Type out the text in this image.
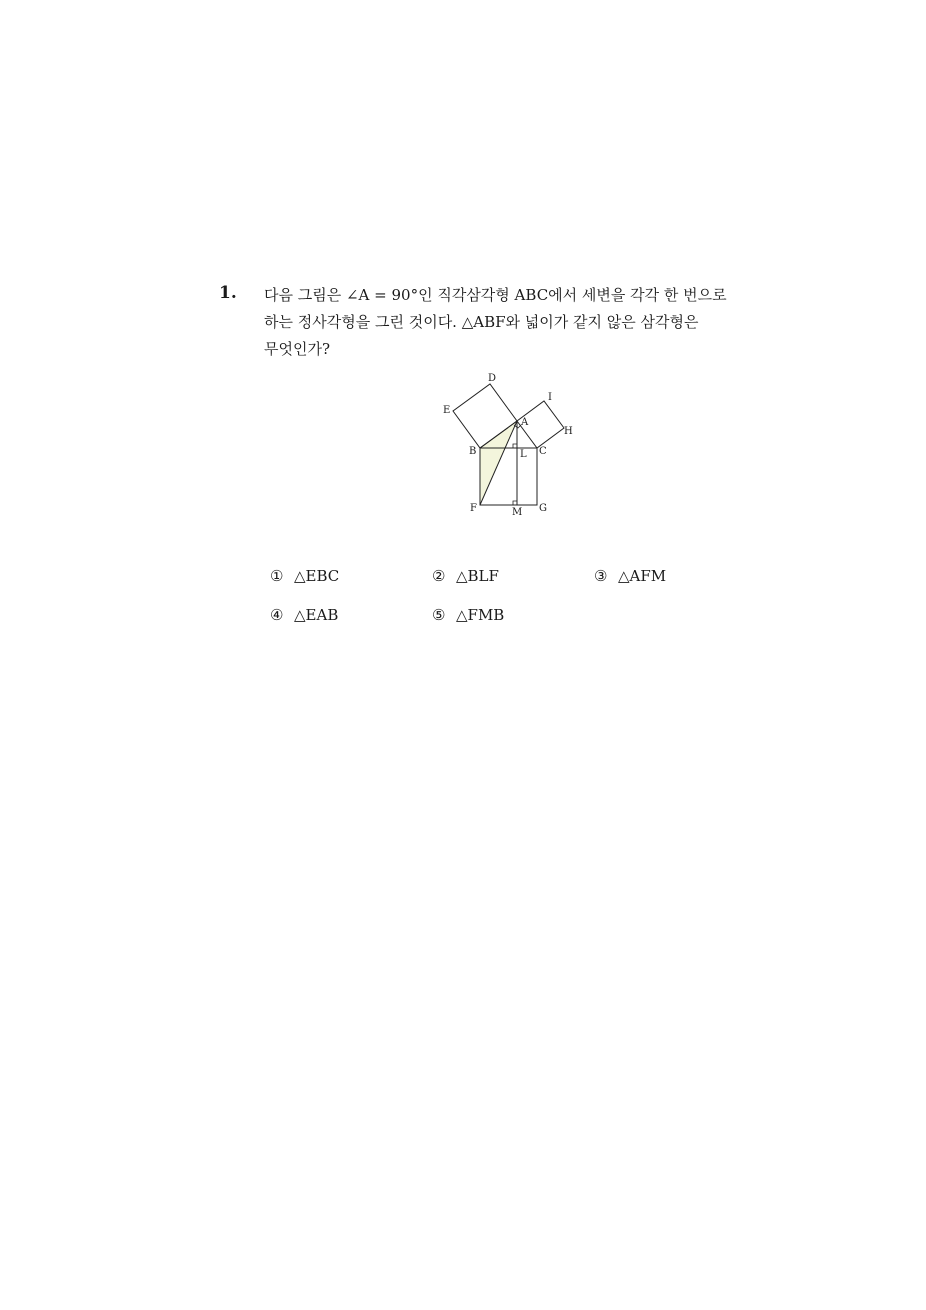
1. 다음 그림은 ∠A = 90°인 직각삼각형 ABC에서 세변을 각각 한 번으로
하는 정사각형을 그린 것이다. △ABF와 넓이가 같지 않은 삼각형은
무엇인가?
D
E
I
A
H
B	L C
F	M G
① △EBC	② △BLF	③ △AFM
④ △EAB	⑤ △FMB
